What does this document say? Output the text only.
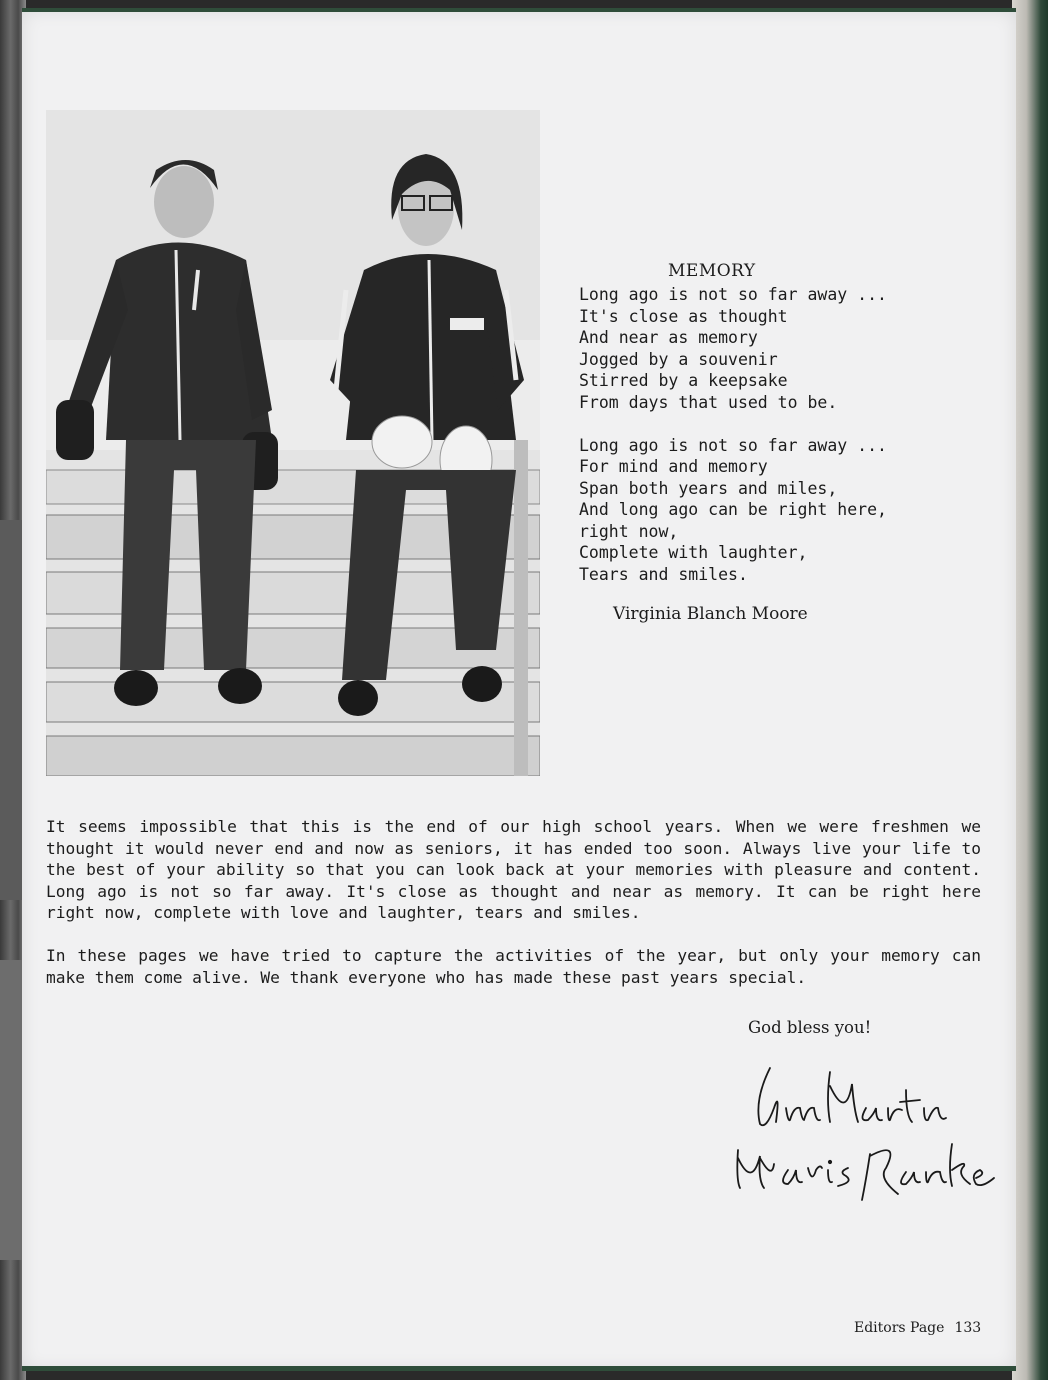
MEMORY
Long ago is not so far away ...
It's close as thought
And near as memory
Jogged by a souvenir
Stirred by a keepsake
From days that used to be.
Long ago is not so far away ...
For mind and memory
Span both years and miles,
And long ago can be right here,
right now,
Complete with laughter,
Tears and smiles.
Virginia Blanch Moore

It seems impossible that this is the end of our high school years. When we were freshmen we thought it would never end and now as seniors, it has ended too soon. Always live your life to the best of your ability so that you can look back at your memories with pleasure and content. Long ago is not so far away. It's close as thought and near as memory. It can be right here right now, complete with love and laughter, tears and smiles.

In these pages we have tried to capture the activities of the year, but only your memory can make them come alive. We thank everyone who has made these past years special.

God bless you!
Editors Page 133
